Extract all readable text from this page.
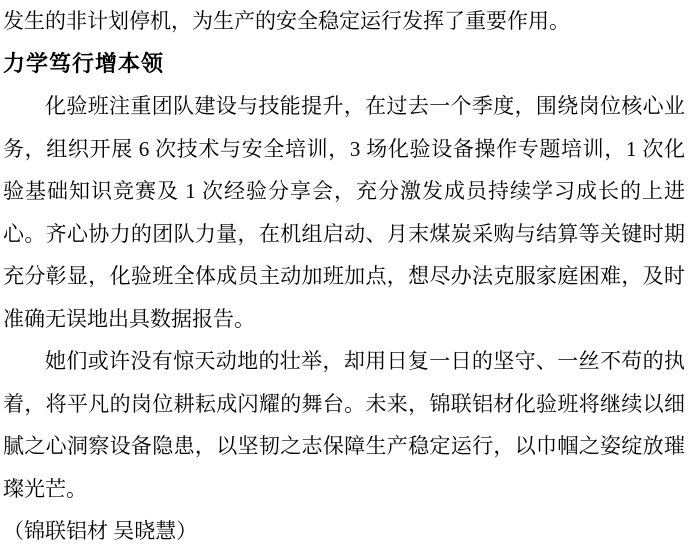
发生的非计划停机，为生产的安全稳定运行发挥了重要作用。

力学笃行增本领

化验班注重团队建设与技能提升，在过去一个季度，围绕岗位核心业务，组织开展 6 次技术与安全培训，3 场化验设备操作专题培训，1 次化验基础知识竞赛及 1 次经验分享会，充分激发成员持续学习成长的上进心。齐心协力的团队力量，在机组启动、月末煤炭采购与结算等关键时期充分彰显，化验班全体成员主动加班加点，想尽办法克服家庭困难，及时准确无误地出具数据报告。

她们或许没有惊天动地的壮举，却用日复一日的坚守、一丝不苟的执着，将平凡的岗位耕耘成闪耀的舞台。未来，锦联铝材化验班将继续以细腻之心洞察设备隐患，以坚韧之志保障生产稳定运行，以巾帼之姿绽放璀璨光芒。

（锦联铝材 吴晓慧）
